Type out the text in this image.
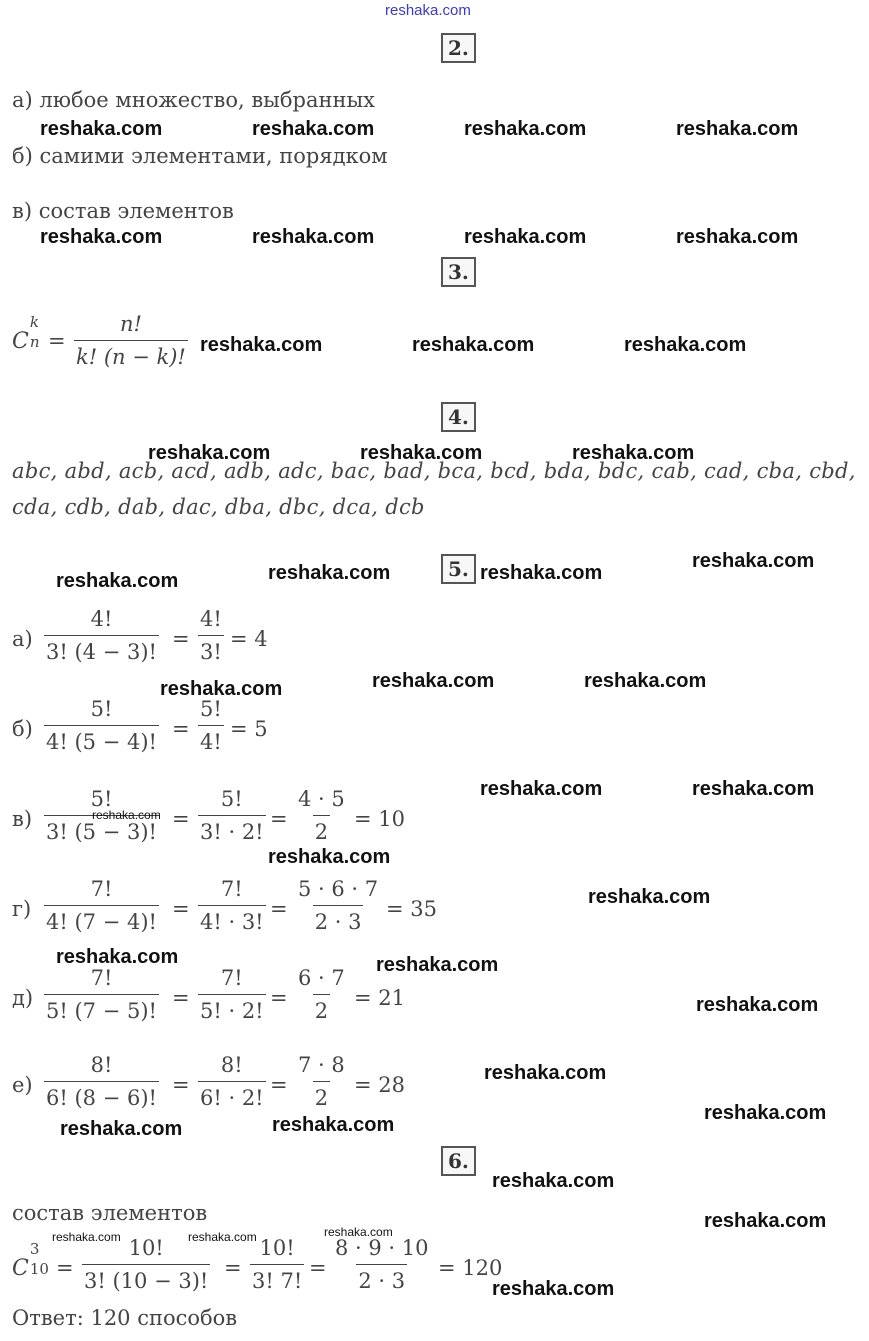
reshaka.com
2.
а) любое множество, выбранных
б) самими элементами, порядком
в) состав элементов
3.
C
k
$n = \frac{n!}{k! (n - k)!}$
4.
abc, abd, acb, acd, adb, adc, bac, bad, bca, bcd, bda, bdc, cab, cad, cba, cbd,
cda, cdb, dab, dac, dba, dbc, dca, dcb
5.
$а) \frac{4!}{3! (4 - 3)!} = \frac{4!}{3!} = 4$
$б) \frac{5!}{4! (5 - 4)!} = \frac{5!}{4!} = 5$
$в) \frac{5!}{3! (5 - 3)!} = \frac{5!}{3! \cdot 2!} = \frac{4 \cdot 5}{2} = 10$
$г) \frac{7!}{4! (7 - 4)!} = \frac{7!}{4! \cdot 3!} = \frac{5 \cdot 6 \cdot 7}{2 \cdot 3} = 35$
$д) \frac{7!}{5! (7 - 5)!} = \frac{7!}{5! \cdot 2!} = \frac{6 \cdot 7}{2} = 21$
$е) \frac{8!}{6! (8 - 6)!} = \frac{8!}{6! \cdot 2!} = \frac{7 \cdot 8}{2} = 28$
6.
состав элементов
C
3
$10 = \frac{10!}{3! (10 - 3)!} = \frac{10!}{3! 7!} = \frac{8 \cdot 9 \cdot 10}{2 \cdot 3} = 120$
Ответ: 120 способов
reshaka.com	reshaka.com	reshaka.com	reshaka.com
reshaka.com	reshaka.com	reshaka.com	reshaka.com
reshaka.com	reshaka.com	reshaka.com
reshaka.com	reshaka.com	reshaka.com
reshaka.com
reshaka.com	reshaka.com
reshaka.com
reshaka.com	reshaka.com
reshaka.com
reshaka.com	reshaka.com
reshaka.com
reshaka.com
reshaka.com
reshaka.com	reshaka.com
reshaka.com
reshaka.com
reshaka.com
reshaka.com
reshaka.com
reshaka.com
reshaka.com
reshaka.com
reshaka.com	reshaka.com
reshaka.com
